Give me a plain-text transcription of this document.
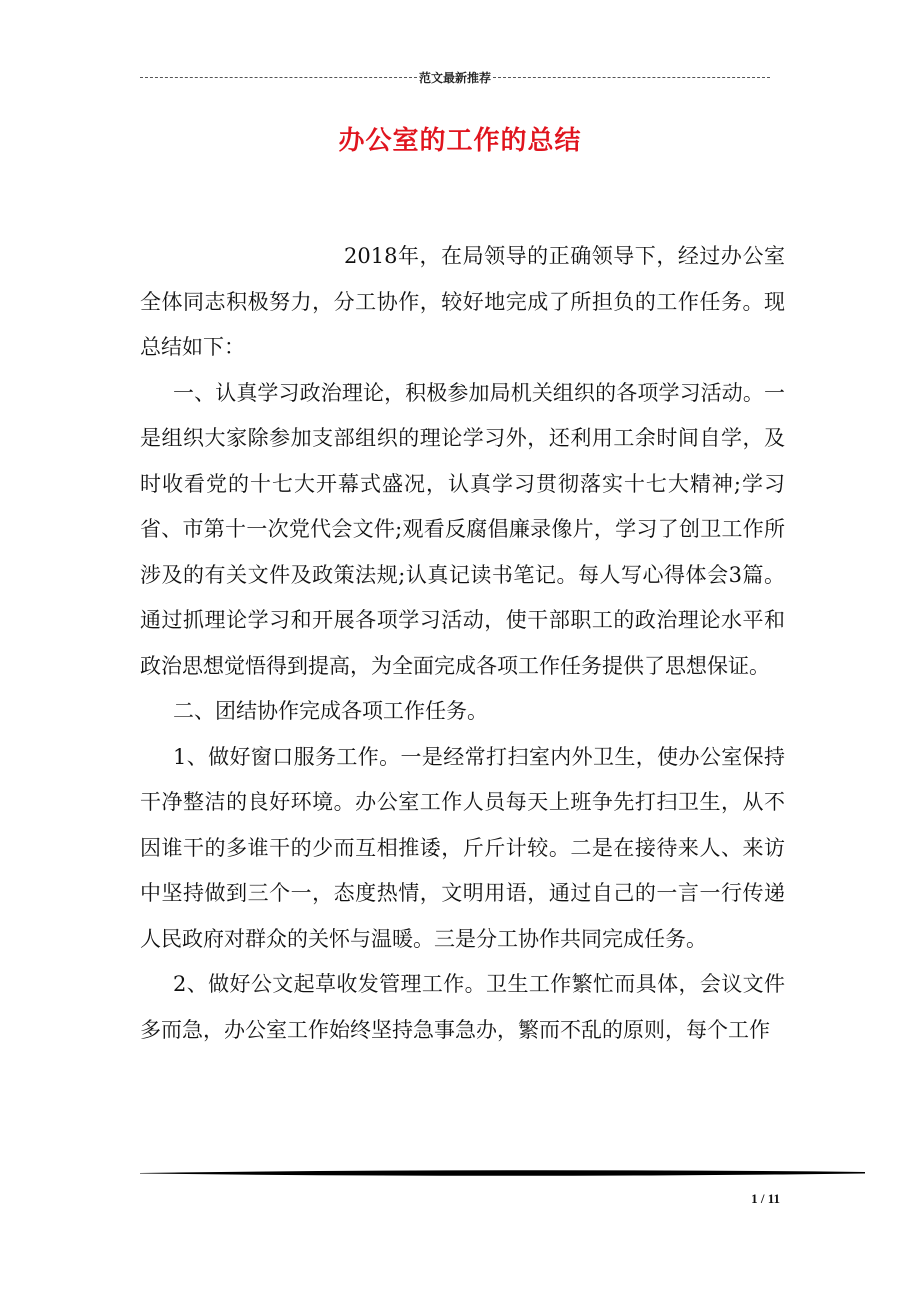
范文最新推荐
办公室的工作的总结

2018年，在局领导的正确领导下，经过办公室全体同志积极努力，分工协作，较好地完成了所担负的工作任务。现总结如下：

一、认真学习政治理论，积极参加局机关组织的各项学习活动。一是组织大家除参加支部组织的理论学习外，还利用工余时间自学，及时收看党的十七大开幕式盛况，认真学习贯彻落实十七大精神;学习省、市第十一次党代会文件;观看反腐倡廉录像片，学习了创卫工作所涉及的有关文件及政策法规;认真记读书笔记。每人写心得体会3篇。通过抓理论学习和开展各项学习活动，使干部职工的政治理论水平和政治思想觉悟得到提高，为全面完成各项工作任务提供了思想保证。

二、团结协作完成各项工作任务。

1、做好窗口服务工作。一是经常打扫室内外卫生，使办公室保持干净整洁的良好环境。办公室工作人员每天上班争先打扫卫生，从不因谁干的多谁干的少而互相推诿，斤斤计较。二是在接待来人、来访中坚持做到三个一，态度热情，文明用语，通过自己的一言一行传递人民政府对群众的关怀与温暖。三是分工协作共同完成任务。

2、做好公文起草收发管理工作。卫生工作繁忙而具体，会议文件多而急，办公室工作始终坚持急事急办，繁而不乱的原则，每个工作

1 / 11
